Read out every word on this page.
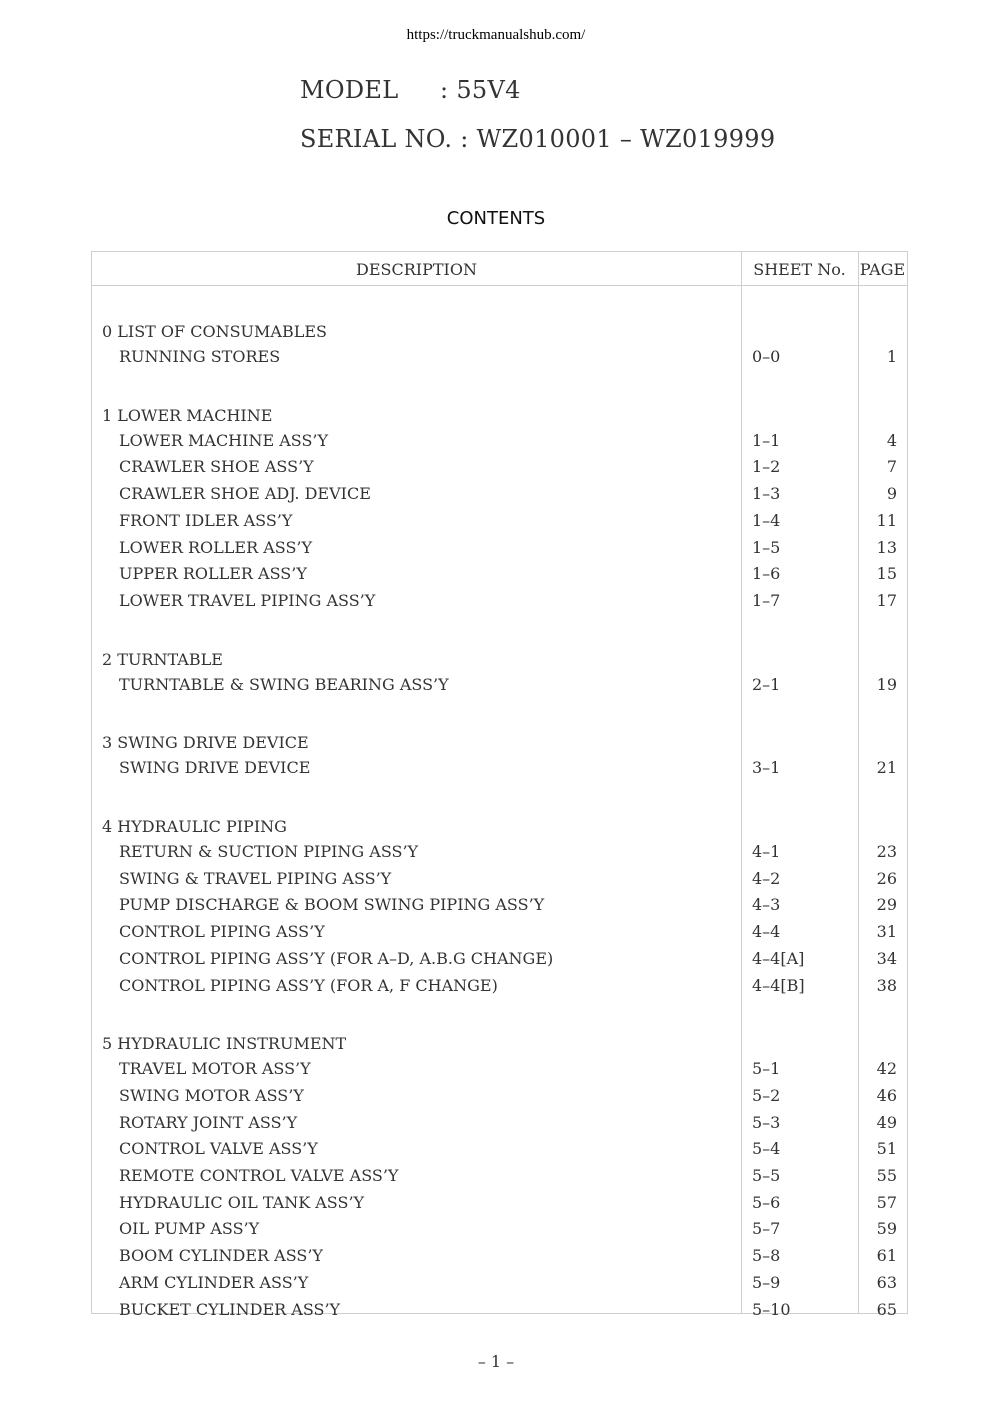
https://truckmanualshub.com/
MODEL : 55V4
SERIAL NO. : WZ010001 – WZ019999
CONTENTS
DESCRIPTION	SHEET No. PAGE
0 LIST OF CONSUMABLES
RUNNING STORES	0–0	1
1 LOWER MACHINE
LOWER MACHINE ASS’Y	1–1	4
CRAWLER SHOE ASS’Y	1–2	7
CRAWLER SHOE ADJ. DEVICE	1–3	9
FRONT IDLER ASS’Y	1–4	11
LOWER ROLLER ASS’Y	1–5	13
UPPER ROLLER ASS’Y	1–6	15
LOWER TRAVEL PIPING ASS’Y	1–7	17
2 TURNTABLE
TURNTABLE & SWING BEARING ASS’Y	2–1	19
3 SWING DRIVE DEVICE
SWING DRIVE DEVICE	3–1	21
4 HYDRAULIC PIPING
RETURN & SUCTION PIPING ASS’Y	4–1	23
SWING & TRAVEL PIPING ASS’Y	4–2	26
PUMP DISCHARGE & BOOM SWING PIPING ASS’Y	4–3	29
CONTROL PIPING ASS’Y	4–4	31
CONTROL PIPING ASS’Y (FOR A–D, A.B.G CHANGE)	4–4[A]	34
CONTROL PIPING ASS’Y (FOR A, F CHANGE)	4–4[B]	38
5 HYDRAULIC INSTRUMENT
TRAVEL MOTOR ASS’Y	5–1	42
SWING MOTOR ASS’Y	5–2	46
ROTARY JOINT ASS’Y	5–3	49
CONTROL VALVE ASS’Y	5–4	51
REMOTE CONTROL VALVE ASS’Y	5–5	55
HYDRAULIC OIL TANK ASS’Y	5–6	57
OIL PUMP ASS’Y	5–7	59
BOOM CYLINDER ASS’Y	5–8	61
ARM CYLINDER ASS’Y	5–9	63
BUCKET CYLINDER ASS’Y	5–10	65
– 1 –
